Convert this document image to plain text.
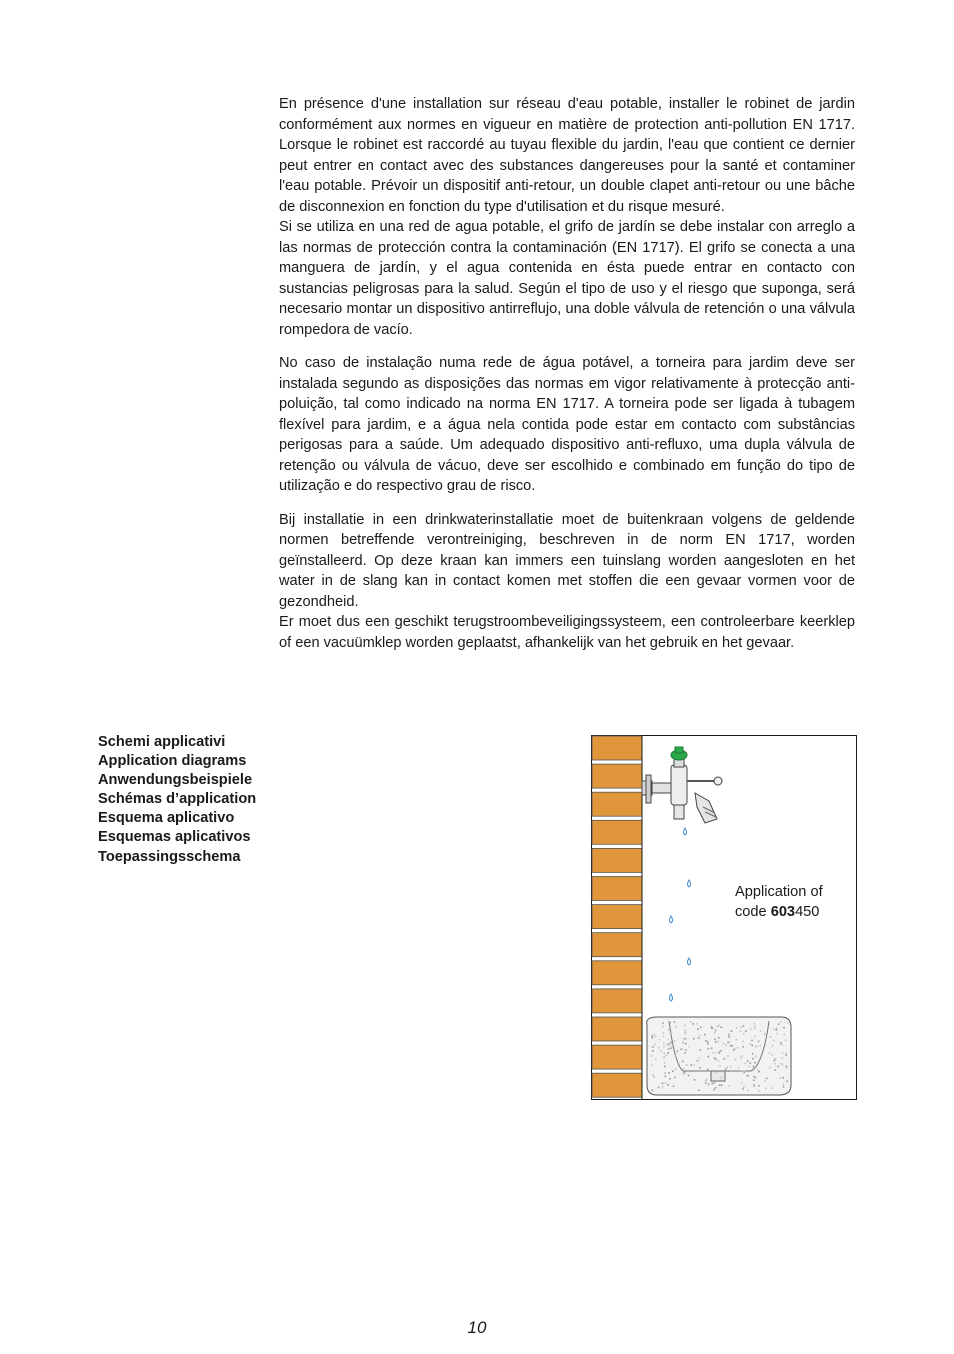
En présence d'une installation sur réseau d'eau potable, installer le robinet de jardin conformément aux normes en vigueur en matière de protection anti-pollution EN 1717. Lorsque le robinet est raccordé au tuyau flexible du jardin, l'eau que contient ce dernier peut entrer en contact avec des substances dangereuses pour la santé et contaminer l'eau potable. Prévoir un dispositif anti-retour, un double clapet anti-retour ou une bâche de disconnexion en fonction du type d'utilisation et du risque mesuré.

Si se utiliza en una red de agua potable, el grifo de jardín se debe instalar con arreglo a las normas de protección contra la contaminación (EN 1717). El grifo se conecta a una manguera de jardín, y el agua contenida en ésta puede entrar en contacto con sustancias peligrosas para la salud. Según el tipo de uso y el riesgo que suponga, será necesario montar un dispositivo antirreflujo, una doble válvula de retención o una válvula rompedora de vacío.

No caso de instalação numa rede de água potável, a torneira para jardim deve ser instalada segundo as disposições das normas em vigor relativamente à protecção anti-poluição, tal como indicado na norma EN 1717. A torneira pode ser ligada à tubagem flexível para jardim, e a água nela contida pode estar em contacto com substâncias perigosas para a saúde. Um adequado dispositivo anti-refluxo, uma dupla válvula de retenção ou válvula de vácuo, deve ser escolhido e combinado em função do tipo de utilização e do respectivo grau de risco.

Bij installatie in een drinkwaterinstallatie moet de buitenkraan volgens de geldende normen betreffende verontreiniging, beschreven in de norm EN 1717, worden geïnstalleerd. Op deze kraan kan immers een tuinslang worden aangesloten en het water in de slang kan in contact komen met stoffen die een gevaar vormen voor de gezondheid.

Er moet dus een geschikt terugstroombeveiligingssysteem, een controleerbare keerklep of een vacuümklep worden geplaatst, afhankelijk van het gebruik en het gevaar.

Schemi applicativi
Application diagrams
Anwendungsbeispiele
Schémas d’application
Esquema aplicativo
Esquemas aplicativos
Toepassingsschema
Application of
code 603450
10
